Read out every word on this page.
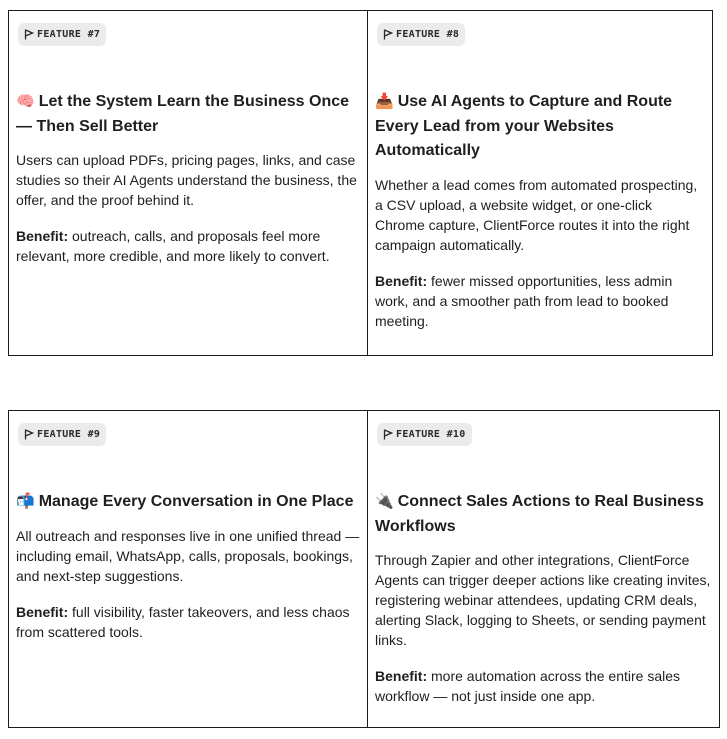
FEATURE #7
🧠 Let the System Learn the Business Once — Then Sell Better

Users can upload PDFs, pricing pages, links, and case studies so their AI Agents understand the business, the offer, and the proof behind it.

Benefit: outreach, calls, and proposals feel more relevant, more credible, and more likely to convert.

FEATURE #8
📥 Use AI Agents to Capture and Route Every Lead from your Websites Automatically

Whether a lead comes from automated prospecting, a CSV upload, a website widget, or one-click Chrome capture, ClientForce routes it into the right campaign automatically.

Benefit: fewer missed opportunities, less admin work, and a smoother path from lead to booked meeting.

FEATURE #9
📬 Manage Every Conversation in One Place

All outreach and responses live in one unified thread — including email, WhatsApp, calls, proposals, bookings, and next-step suggestions.

Benefit: full visibility, faster takeovers, and less chaos from scattered tools.

FEATURE #10
🔌 Connect Sales Actions to Real Business Workflows

Through Zapier and other integrations, ClientForce Agents can trigger deeper actions like creating invites, registering webinar attendees, updating CRM deals, alerting Slack, logging to Sheets, or sending payment links.

Benefit: more automation across the entire sales workflow — not just inside one app.
